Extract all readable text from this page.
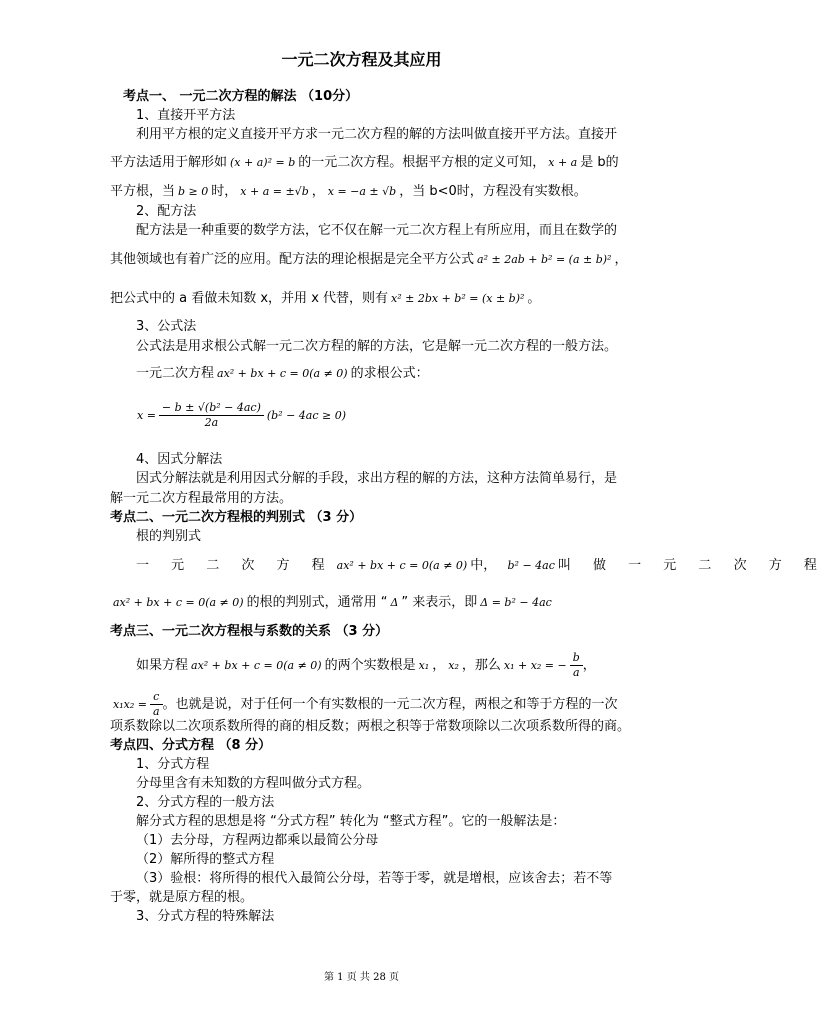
一元二次方程及其应用
考点一、 一元二次方程的解法 （10分）
1、直接开平方法
利用平方根的定义直接开平方求一元二次方程的解的方法叫做直接开平方法。直接开
平方法适用于解形如 (x + a)² = b 的一元二次方程。根据平方根的定义可知， x + a 是 b的
平方根，当 b ≥ 0 时， x + a = ±√b ， x = −a ± √b ，当 b<0时，方程没有实数根。
2、配方法
配方法是一种重要的数学方法，它不仅在解一元二次方程上有所应用，而且在数学的
其他领域也有着广泛的应用。配方法的理论根据是完全平方公式 a² ± 2ab + b² = (a ± b)² ，
把公式中的 a 看做未知数 x，并用 x 代替，则有 x² ± 2bx + b² = (x ± b)² 。
3、公式法
公式法是用求根公式解一元二次方程的解的方法，它是解一元二次方程的一般方法。
一元二次方程 ax² + bx + c = 0(a ≠ 0) 的求根公式：
$x = \frac{\text{− b ± √(b² − 4ac)}}{2a} (b^2 - 4ac \ge 0)$
4、因式分解法
因式分解法就是利用因式分解的手段，求出方程的解的方法，这种方法简单易行，是
解一元二次方程最常用的方法。
考点二、一元二次方程根的判别式 （3 分）
根的判别式
一 元 二 次 方 程 ax² + bx + c = 0(a ≠ 0) 中， b² − 4ac 叫 做 一 元 二 次 方 程
ax² + bx + c = 0(a ≠ 0) 的根的判别式，通常用 “ Δ ” 来表示，即 Δ = b² − 4ac
考点三、一元二次方程根与系数的关系 （3 分）
如果方程 ax² + bx + c = 0(a ≠ 0) 的两个实数根是 x₁ ， x₂ ，那么 x₁ + x₂ = − $\frac{b}{a}$ ，
$x_1x_2 = \frac{c}{a}$ 。也就是说，对于任何一个有实数根的一元二次方程，两根之和等于方程的一次
项系数除以二次项系数所得的商的相反数；两根之积等于常数项除以二次项系数所得的商。
考点四、分式方程 （8 分）
1、分式方程
分母里含有未知数的方程叫做分式方程。
2、分式方程的一般方法
解分式方程的思想是将 “分式方程” 转化为 “整式方程”。它的一般解法是：
（1）去分母，方程两边都乘以最简公分母
（2）解所得的整式方程
（3）验根：将所得的根代入最简公分母，若等于零，就是增根，应该舍去；若不等
于零，就是原方程的根。
3、分式方程的特殊解法
第 1 页 共 28 页
